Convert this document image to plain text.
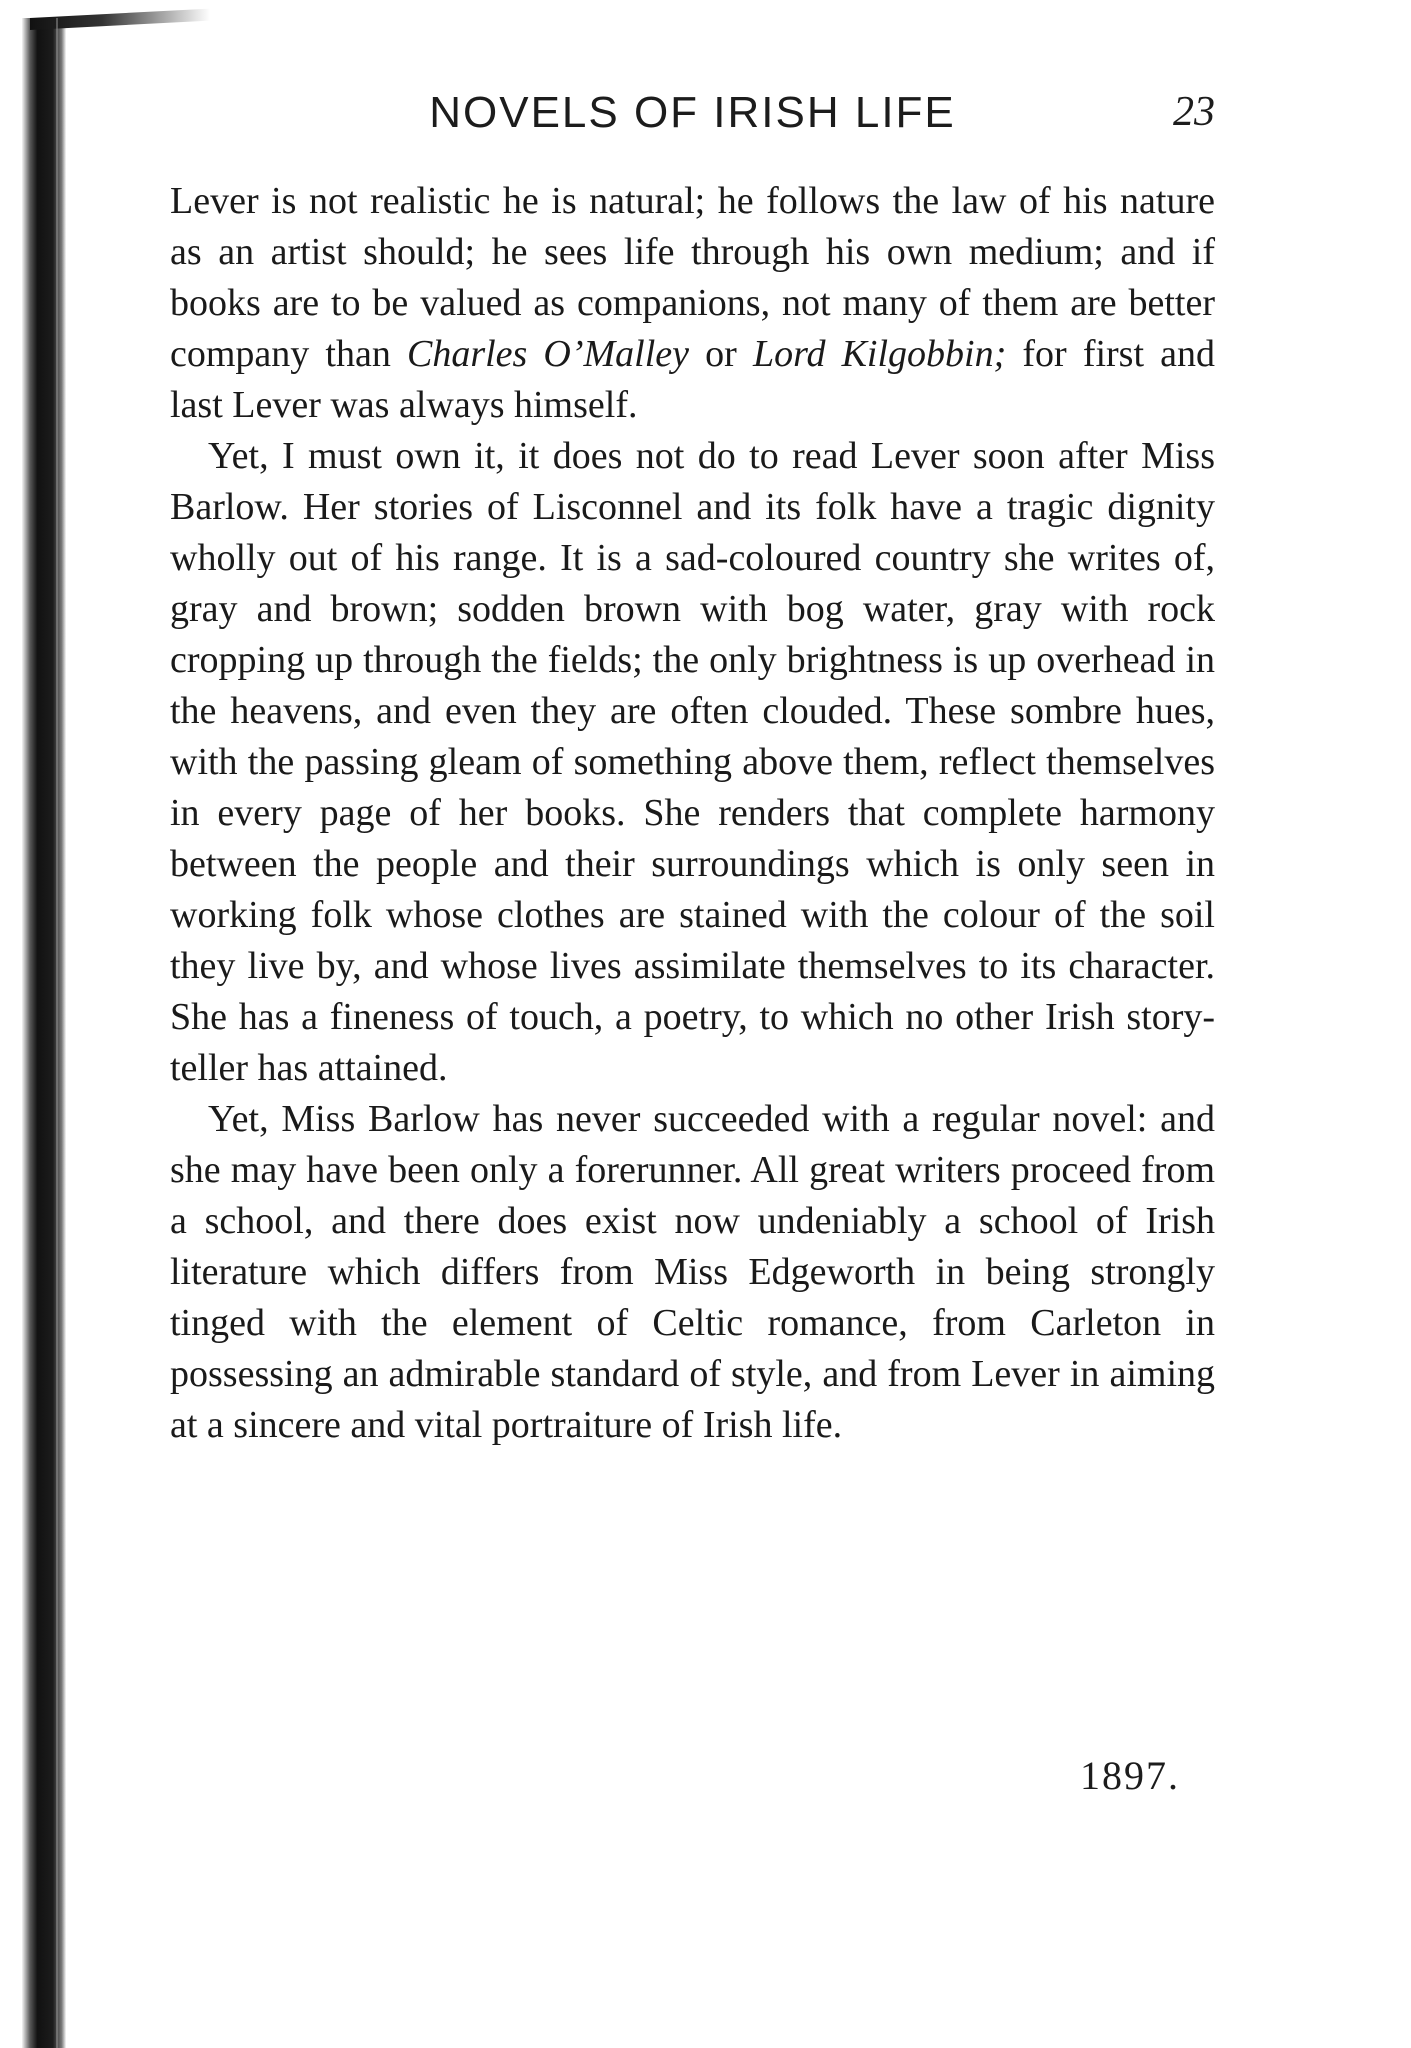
NOVELS OF IRISH LIFE	23

Lever is not realistic he is natural; he follows the law of his nature as an artist should; he sees life through his own medium; and if books are to be valued as companions, not many of them are better company than Charles O’Malley or Lord Kilgobbin; for first and last Lever was always himself.

Yet, I must own it, it does not do to read Lever soon after Miss Barlow. Her stories of Lisconnel and its folk have a tragic dignity wholly out of his range. It is a sad-coloured country she writes of, gray and brown; sodden brown with bog water, gray with rock cropping up through the fields; the only brightness is up overhead in the heavens, and even they are often clouded. These sombre hues, with the passing gleam of something above them, reflect themselves in every page of her books. She renders that complete harmony between the people and their surroundings which is only seen in working folk whose clothes are stained with the colour of the soil they live by, and whose lives assimilate themselves to its character. She has a fineness of touch, a poetry, to which no other Irish story-teller has attained.

Yet, Miss Barlow has never succeeded with a regular novel: and she may have been only a forerunner. All great writers proceed from a school, and there does exist now undeniably a school of Irish literature which differs from Miss Edgeworth in being strongly tinged with the element of Celtic romance, from Carleton in possessing an admirable standard of style, and from Lever in aiming at a sincere and vital portraiture of Irish life.

1897.
